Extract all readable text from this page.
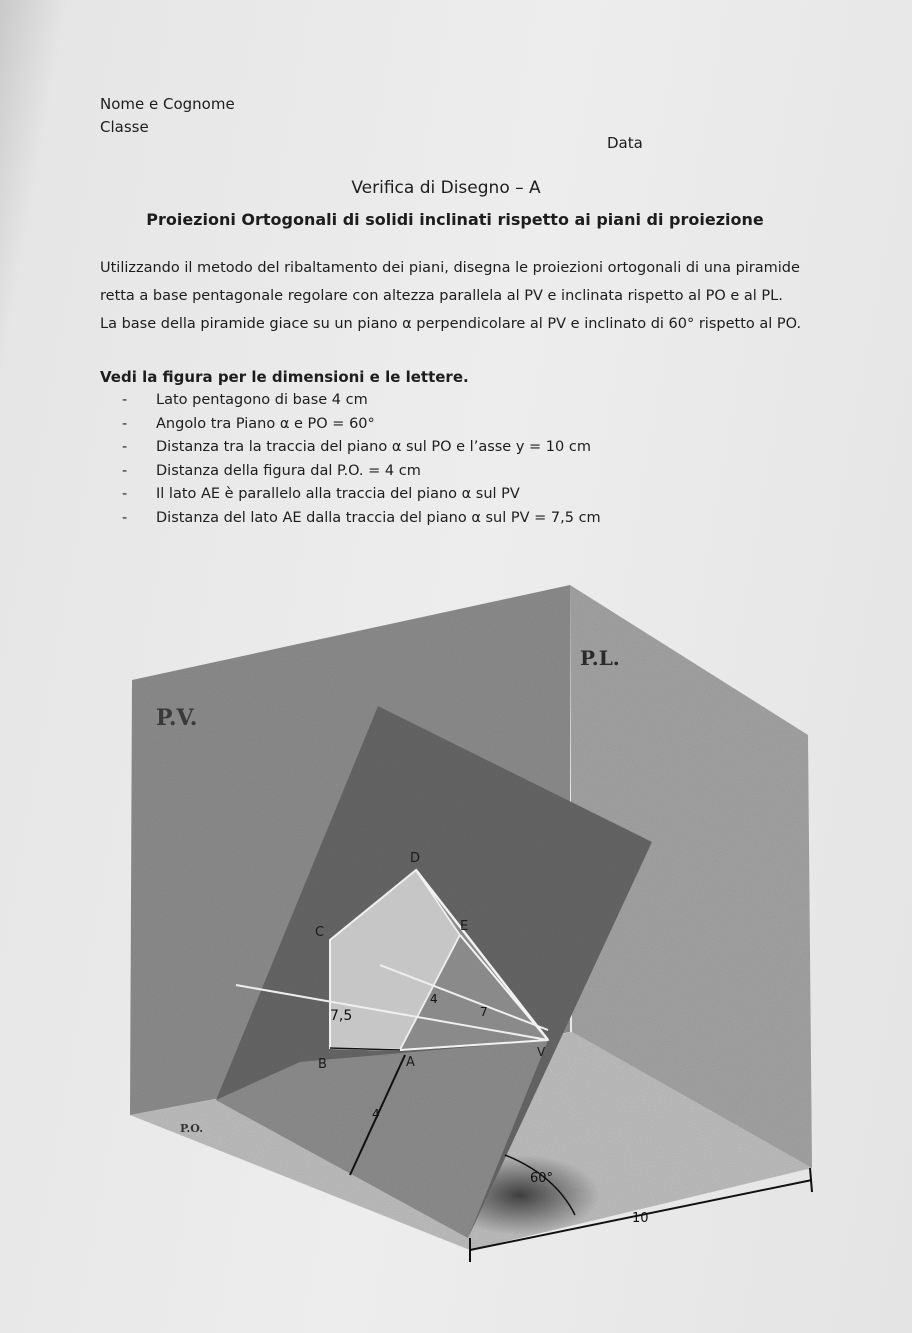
Nome e Cognome
Classe
Data
Verifica di Disegno – A
Proiezioni Ortogonali di solidi inclinati rispetto ai piani di proiezione
Utilizzando il metodo del ribaltamento dei piani, disegna le proiezioni ortogonali di una piramide
retta a base pentagonale regolare con altezza parallela al PV e inclinata rispetto al PO e al PL.
La base della piramide giace su un piano α perpendicolare al PV e inclinato di 60° rispetto al PO.
Vedi la figura per le dimensioni e le lettere.
- Lato pentagono di base 4 cm
- Angolo tra Piano α e PO = 60°
- Distanza tra la traccia del piano α sul PO e l’asse y = 10 cm
- Distanza della figura dal P.O. = 4 cm
- Il lato AE è parallelo alla traccia del piano α sul PV
- Distanza del lato AE dalla traccia del piano α sul PV = 7,5 cm
P.V.
P.L.
P.O.
D
C	E
B	A
V
7,5	7
4
4
10
60°
